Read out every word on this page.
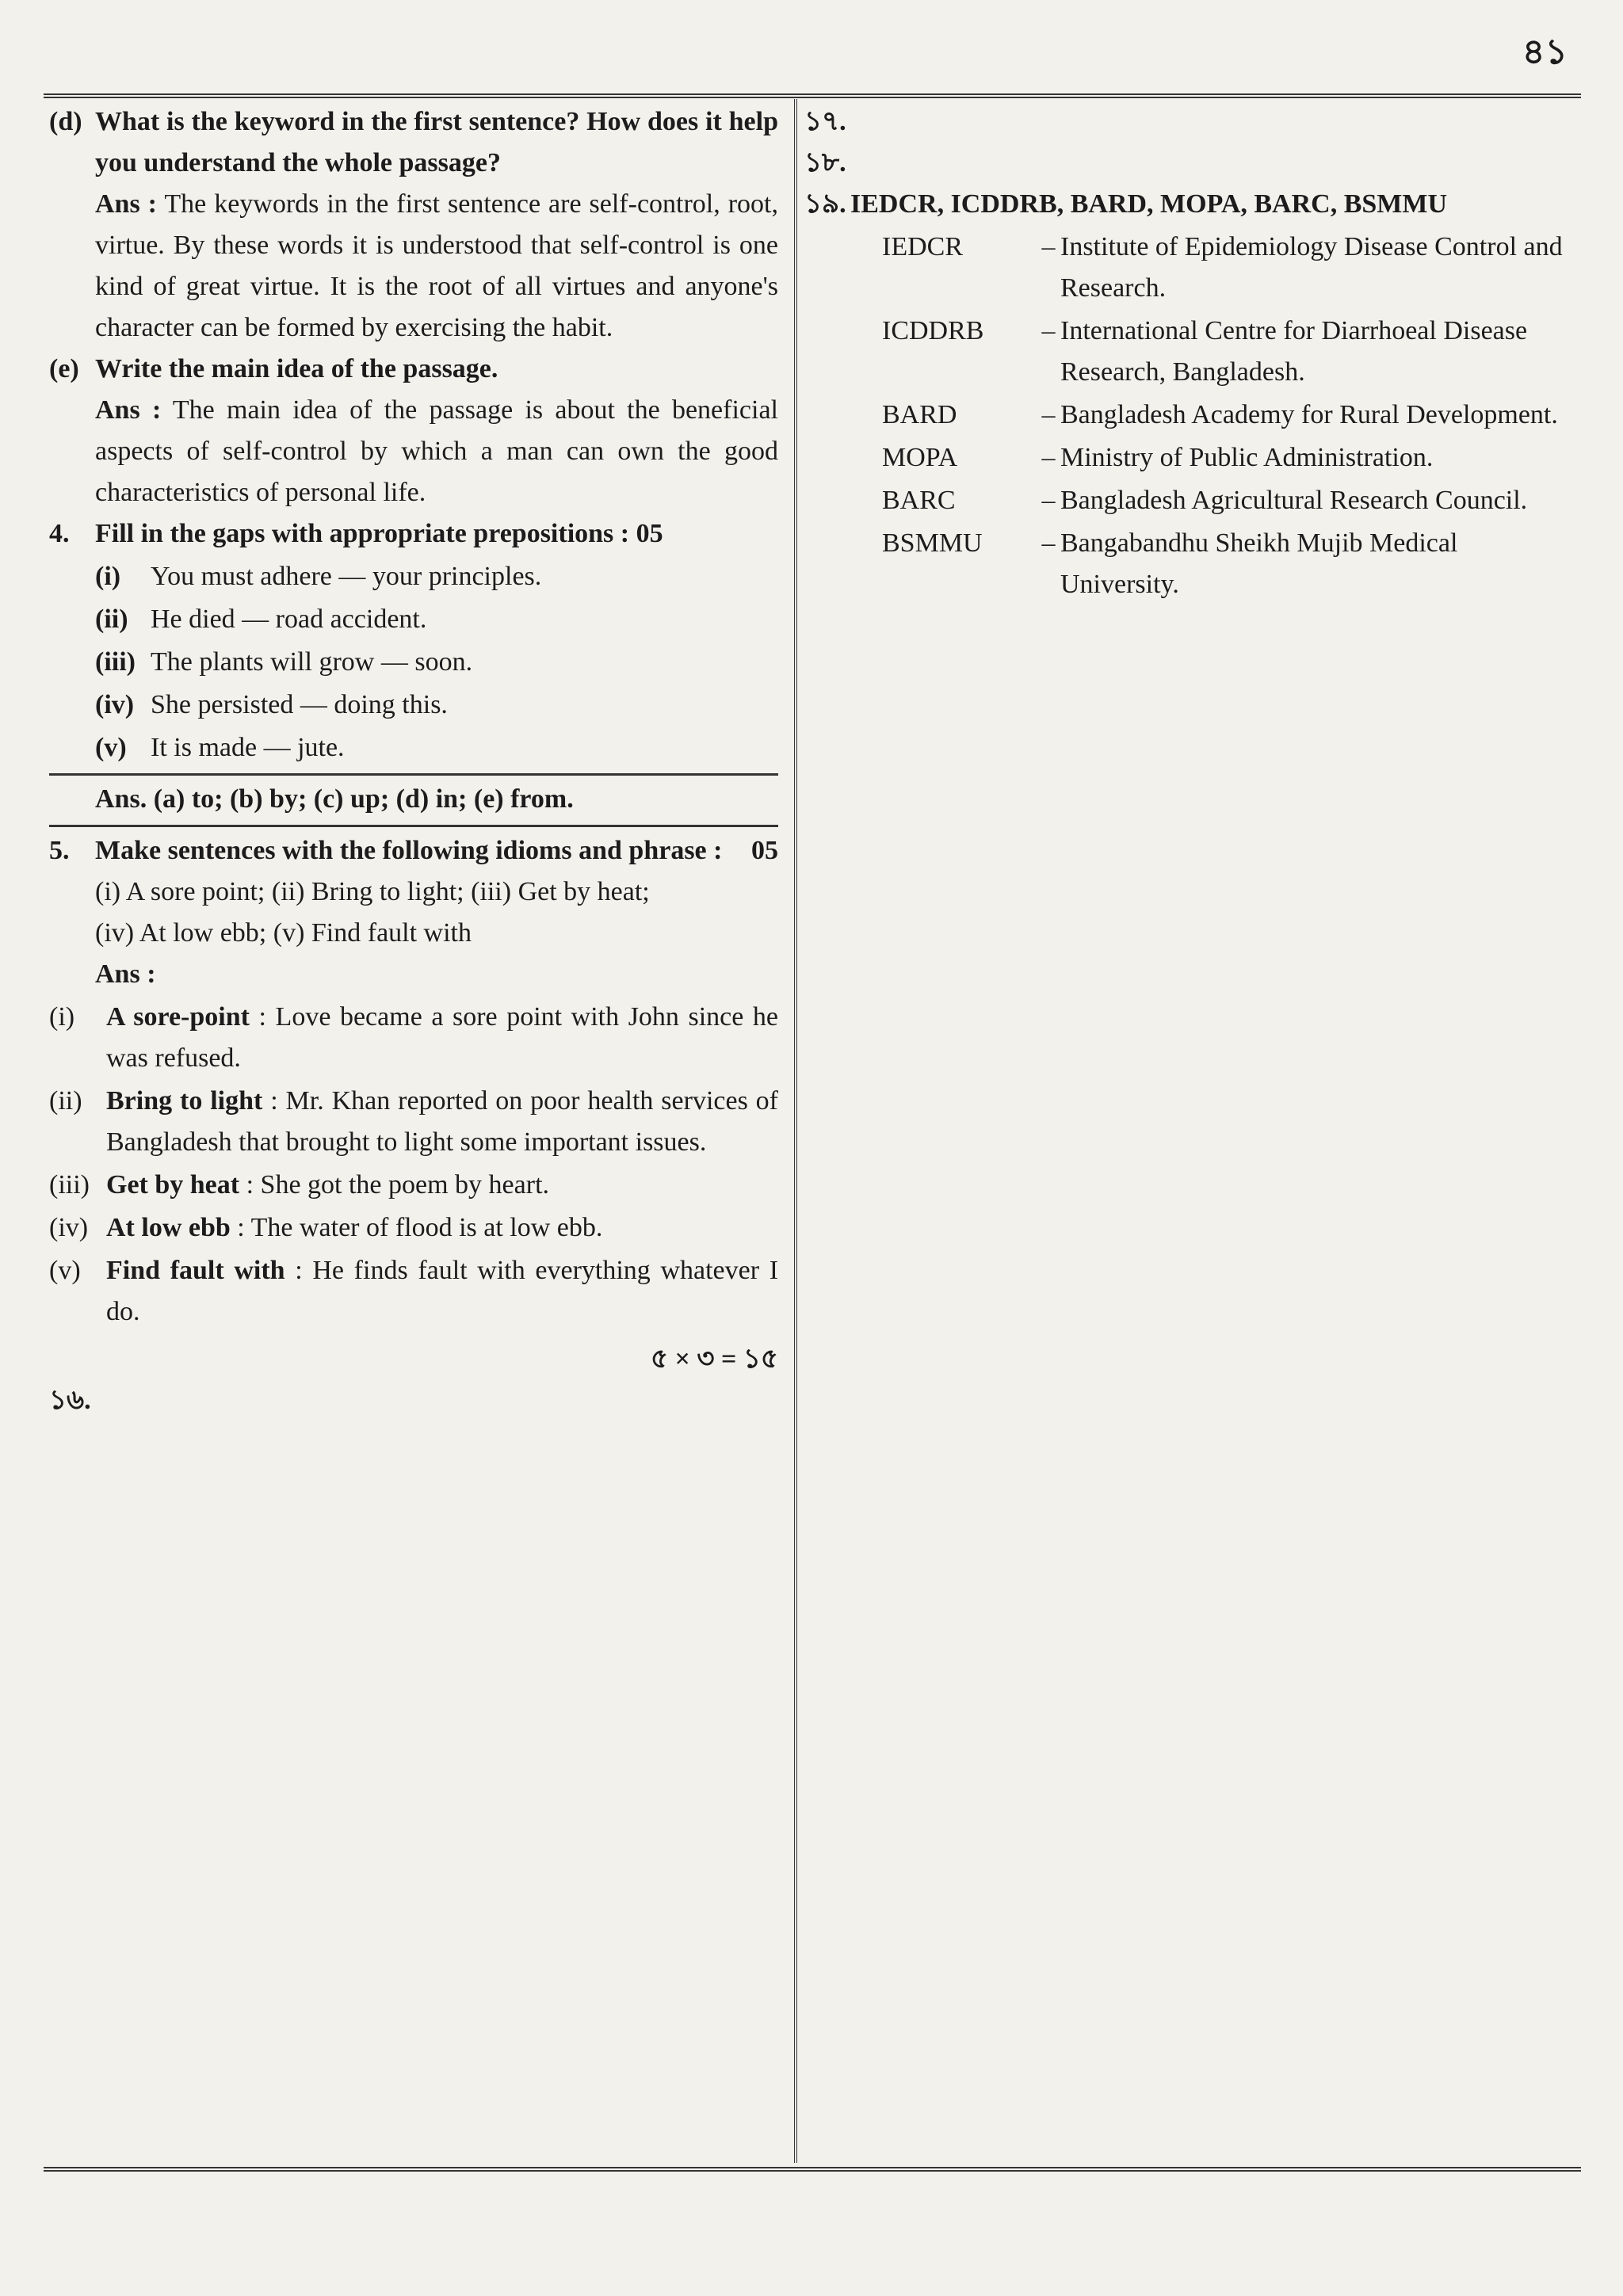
৪১
(d) What is the keyword in the first sentence? How does it help you understand the whole passage?
Ans : The keywords in the first sentence are self-control, root, virtue. By these words it is understood that self-control is one kind of great virtue. It is the root of all virtues and anyone's character can be formed by exercising the habit.
(e) Write the main idea of the passage.
Ans : The main idea of the passage is about the beneficial aspects of self-control by which a man can own the good characteristics of personal life.
4. Fill in the gaps with appropriate prepositions : 05
(i)	You must adhere — your principles.
(ii) He died — road accident.
(iii) The plants will grow — soon.
(iv) She persisted — doing this.
(v) It is made — jute.
Ans. (a) to; (b) by; (c) up; (d) in; (e) from.
5. Make sentences with the following idioms and phrase : 05
(i) A sore point; (ii) Bring to light; (iii) Get by heat;
(iv) At low ebb; (v) Find fault with
Ans :
(i)	A sore-point : Love became a sore point with John since he was refused.
(ii) Bring to light : Mr. Khan reported on poor health services of Bangladesh that brought to light some important issues.
(iii) Get by heat : She got the poem by heart.
(iv) At low ebb : The water of flood is at low ebb.
(v) Find fault with : He finds fault with everything whatever I do.
৫ × ৩ = ১৫
১৬.
১৭.
১৮.
১৯. IEDCR, ICDDRB, BARD, MOPA, BARC, BSMMU
IEDCR	– Institute of Epidemiology Disease Control and Research.
ICDDRB	– International Centre for Diarrhoeal Disease Research, Bangladesh.
BARD	– Bangladesh Academy for Rural Development.
MOPA	– Ministry of Public Administration.
BARC	– Bangladesh Agricultural Research Council.
BSMMU	– Bangabandhu Sheikh Mujib Medical University.
